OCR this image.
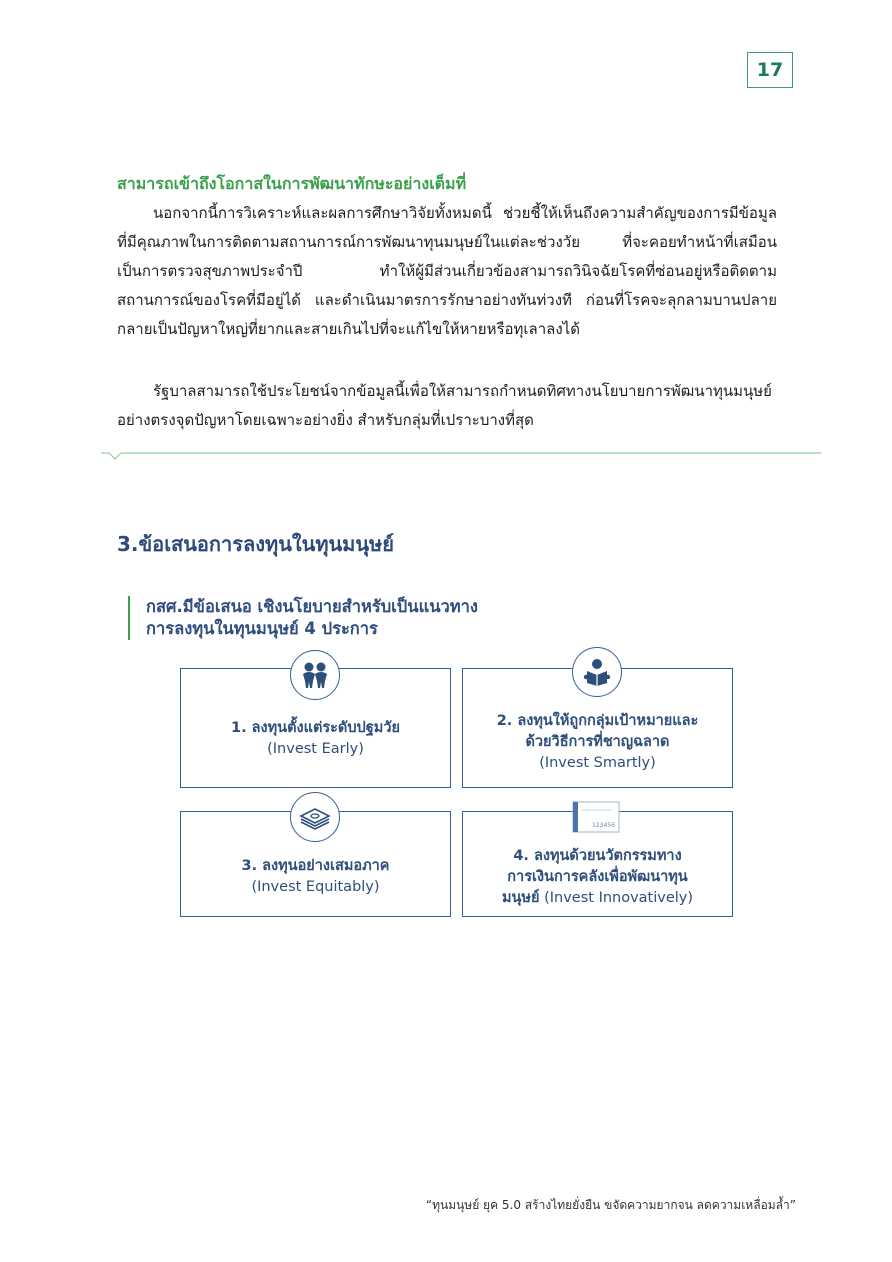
17
สามารถเข้าถึงโอกาสในการพัฒนาทักษะอย่างเต็มที่
นอกจากนี้การวิเคราะห์และผลการศึกษาวิจัยทั้งหมดนี้ ช่วยชี้ให้เห็นถึงความสำคัญของการมีข้อมูลที่มีคุณภาพในการติดตามสถานการณ์การพัฒนาทุนมนุษย์ในแต่ละช่วงวัย ที่จะคอยทำหน้าที่เสมือนเป็นการตรวจสุขภาพประจำปี ทำให้ผู้มีส่วนเกี่ยวข้องสามารถวินิจฉัยโรคที่ซ่อนอยู่หรือติดตามสถานการณ์ของโรคที่มีอยู่ได้ และดำเนินมาตรการรักษาอย่างทันท่วงที ก่อนที่โรคจะลุกลามบานปลายกลายเป็นปัญหาใหญ่ที่ยากและสายเกินไปที่จะแก้ไขให้หายหรือทุเลาลงได้
รัฐบาลสามารถใช้ประโยชน์จากข้อมูลนี้เพื่อให้สามารถกำหนดทิศทางนโยบายการพัฒนาทุนมนุษย์อย่างตรงจุดปัญหาโดยเฉพาะอย่างยิ่ง สำหรับกลุ่มที่เปราะบางที่สุด
3.ข้อเสนอการลงทุนในทุนมนุษย์
กสศ.มีข้อเสนอ เชิงนโยบายสำหรับเป็นแนวทาง
การลงทุนในทุนมนุษย์ 4 ประการ
1. ลงทุนตั้งแต่ระดับปฐมวัย
(Invest Early)
2. ลงทุนให้ถูกกลุ่มเป้าหมายและ
ด้วยวิธีการที่ชาญฉลาด
(Invest Smartly)
3. ลงทุนอย่างเสมอภาค
(Invest Equitably)
4. ลงทุนด้วยนวัตกรรมทาง
การเงินการคลังเพื่อพัฒนาทุน
มนุษย์ (Invest Innovatively)
123456
“ทุนมนุษย์ ยุค 5.0 สร้างไทยยั่งยืน ขจัดความยากจน ลดความเหลื่อมล้ำ”
